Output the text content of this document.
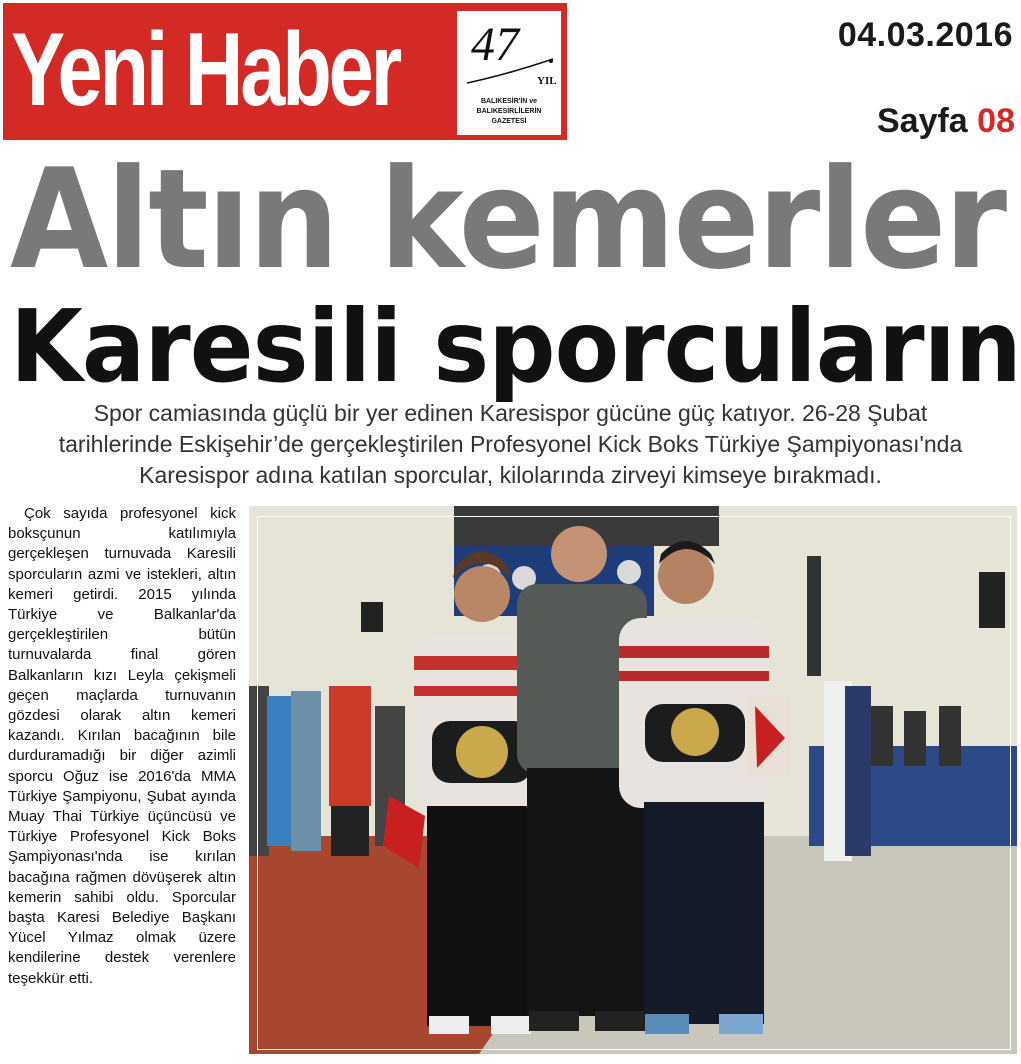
Yeni Haber 47
YIL
BALIKESİR'İN ve
BALIKESİRLİLERİN
GAZETESİ
04.03.2016
Sayfa 08
Altın kemerler
Karesili sporcuların
Spor camiasında güçlü bir yer edinen Karesispor gücüne güç katıyor. 26-28 Şubat
tarihlerinde Eskişehir’de gerçekleştirilen Profesyonel Kick Boks Türkiye Şampiyonası'nda
Karesispor adına katılan sporcular, kilolarında zirveyi kimseye bırakmadı.
Çok sayıda profesyonel kick boksçunun katılımıyla gerçekleşen turnuvada Karesili sporcuların azmi ve istekleri, altın kemeri getirdi. 2015 yılında Türkiye ve Balkanlar'da gerçekleştirilen bütün turnuvalarda final gören Balkanların kızı Leyla çekişmeli geçen maçlarda turnuvanın gözdesi olarak altın kemeri kazandı. Kırılan bacağının bile durduramadığı bir diğer azimli sporcu Oğuz ise 2016'da MMA Türkiye Şampiyonu, Şubat ayında Muay Thai Türkiye üçüncüsü ve Türkiye Profesyonel Kick Boks Şampiyonası'nda ise kırılan bacağına rağmen dövüşerek altın kemerin sahibi oldu. Sporcular başta Karesi Belediye Başkanı Yücel Yılmaz olmak üzere kendilerine destek verenlere teşekkür etti.
